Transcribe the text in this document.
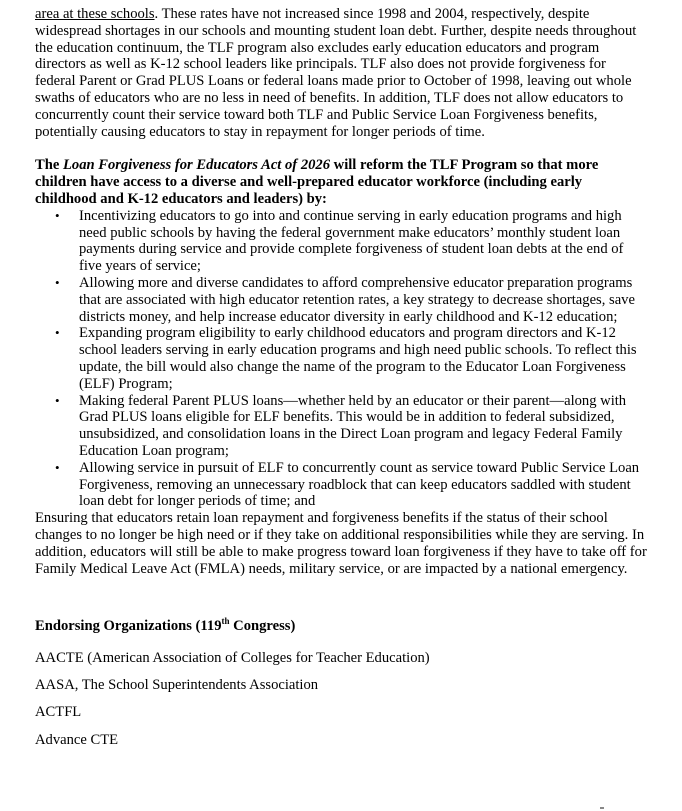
area at these schools. These rates have not increased since 1998 and 2004, respectively, despite widespread shortages in our schools and mounting student loan debt. Further, despite needs throughout the education continuum, the TLF program also excludes early education educators and program directors as well as K-12 school leaders like principals. TLF also does not provide forgiveness for federal Parent or Grad PLUS Loans or federal loans made prior to October of 1998, leaving out whole swaths of educators who are no less in need of benefits. In addition, TLF does not allow educators to concurrently count their service toward both TLF and Public Service Loan Forgiveness benefits, potentially causing educators to stay in repayment for longer periods of time.

The Loan Forgiveness for Educators Act of 2026 will reform the TLF Program so that more children have access to a diverse and well-prepared educator workforce (including early childhood and K-12 educators and leaders) by:

• Incentivizing educators to go into and continue serving in early education programs and high need public schools by having the federal government make educators’ monthly student loan payments during service and provide complete forgiveness of student loan debts at the end of five years of service;
• Allowing more and diverse candidates to afford comprehensive educator preparation programs that are associated with high educator retention rates, a key strategy to decrease shortages, save districts money, and help increase educator diversity in early childhood and K-12 education;
• Expanding program eligibility to early childhood educators and program directors and K-12 school leaders serving in early education programs and high need public schools. To reflect this update, the bill would also change the name of the program to the Educator Loan Forgiveness (ELF) Program;
• Making federal Parent PLUS loans—whether held by an educator or their parent—along with Grad PLUS loans eligible for ELF benefits. This would be in addition to federal subsidized, unsubsidized, and consolidation loans in the Direct Loan program and legacy Federal Family Education Loan program;
• Allowing service in pursuit of ELF to concurrently count as service toward Public Service Loan Forgiveness, removing an unnecessary roadblock that can keep educators saddled with student loan debt for longer periods of time; and

Ensuring that educators retain loan repayment and forgiveness benefits if the status of their school changes to no longer be high need or if they take on additional responsibilities while they are serving. In addition, educators will still be able to make progress toward loan forgiveness if they have to take off for Family Medical Leave Act (FMLA) needs, military service, or are impacted by a national emergency.

Endorsing Organizations (119th Congress)

AACTE (American Association of Colleges for Teacher Education)

AASA, The School Superintendents Association

ACTFL

Advance CTE
